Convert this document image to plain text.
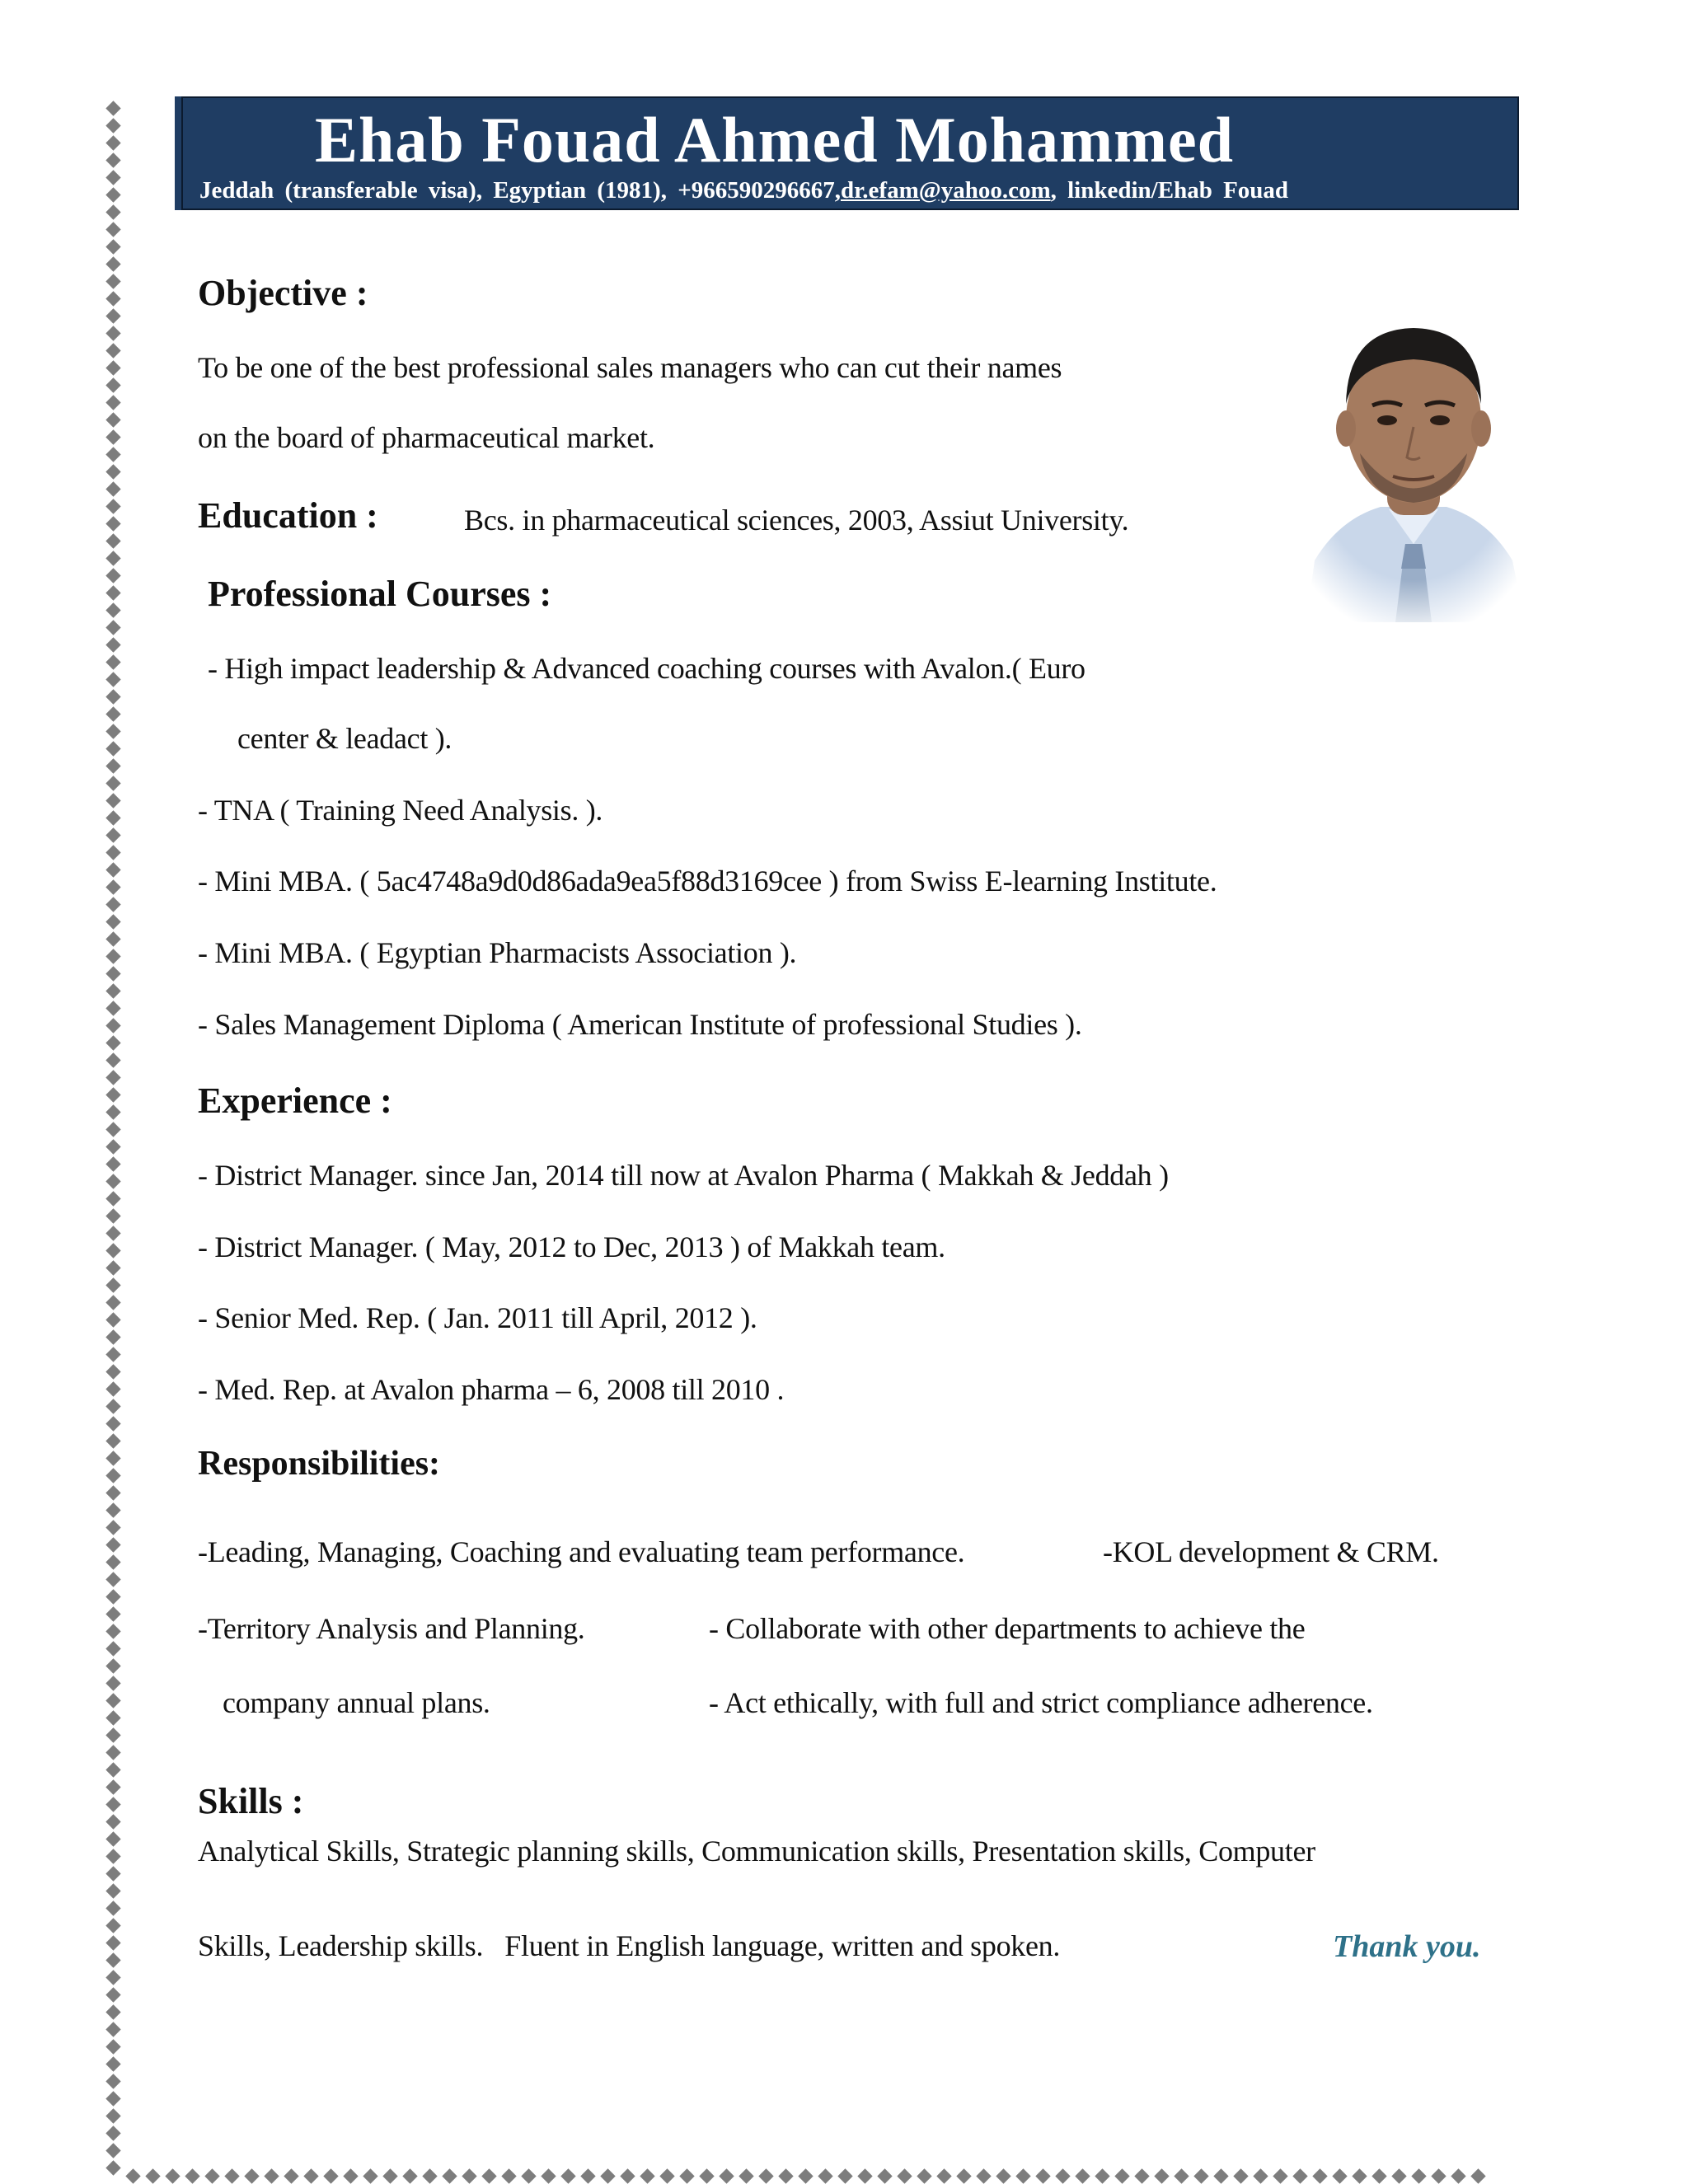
Ehab Fouad Ahmed Mohammed

Jeddah (transferable visa), Egyptian (1981), +966590296667,dr.efam@yahoo.com, linkedin/Ehab Fouad

Objective :

To be one of the best professional sales managers who can cut their names

on the board of pharmaceutical market.

Education :	Bcs. in pharmaceutical sciences, 2003, Assiut University.

Professional Courses :

- High impact leadership & Advanced coaching courses with Avalon.( Euro

center & leadact ).

- TNA ( Training Need Analysis. ).

- Mini MBA. ( 5ac4748a9d0d86ada9ea5f88d3169cee ) from Swiss E-learning Institute.

- Mini MBA. ( Egyptian Pharmacists Association ).

- Sales Management Diploma ( American Institute of professional Studies ).

Experience :

- District Manager. since Jan, 2014 till now at Avalon Pharma ( Makkah & Jeddah )

- District Manager. ( May, 2012 to Dec, 2013 ) of Makkah team.

- Senior Med. Rep. ( Jan. 2011 till April, 2012 ).

- Med. Rep. at Avalon pharma – 6, 2008 till 2010 .

Responsibilities:

-Leading, Managing, Coaching and evaluating team performance.	-KOL development & CRM.

-Territory Analysis and Planning.	- Collaborate with other departments to achieve the

company annual plans.	- Act ethically, with full and strict compliance adherence.

Skills :

Analytical Skills, Strategic planning skills, Communication skills, Presentation skills, Computer

Skills, Leadership skills.   Fluent in English language, written and spoken.	Thank you.
